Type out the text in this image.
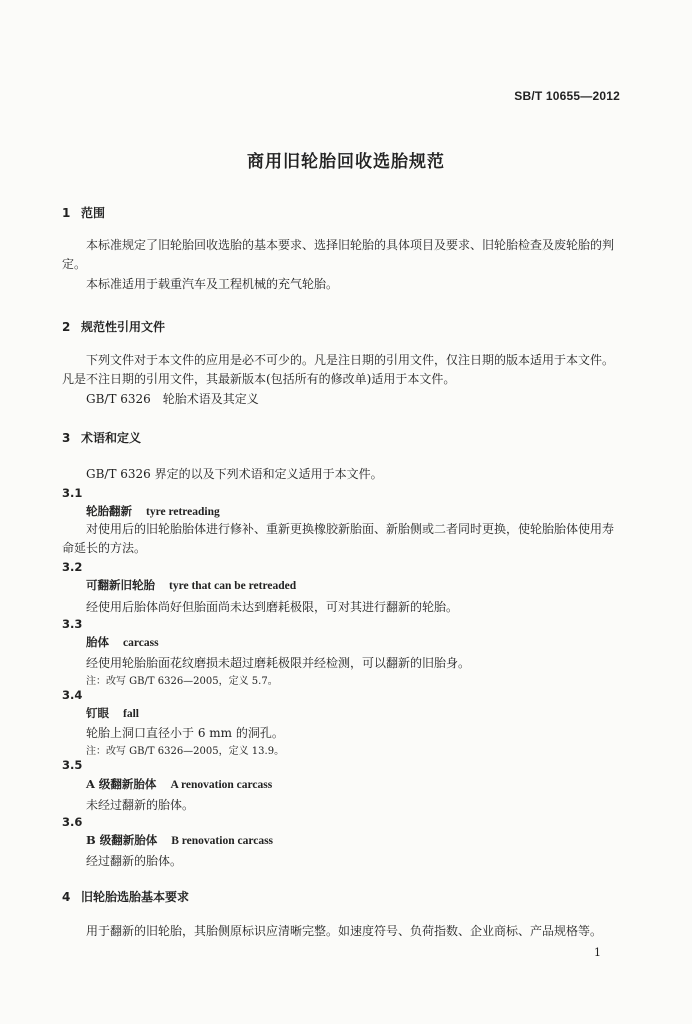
SB/T 10655—2012
商用旧轮胎回收选胎规范
1 范围
本标准规定了旧轮胎回收选胎的基本要求、选择旧轮胎的具体项目及要求、旧轮胎检查及废轮胎的判定。
本标准适用于载重汽车及工程机械的充气轮胎。
2 规范性引用文件
下列文件对于本文件的应用是必不可少的。凡是注日期的引用文件，仅注日期的版本适用于本文件。凡是不注日期的引用文件，其最新版本(包括所有的修改单)适用于本文件。
GB/T 6326　轮胎术语及其定义
3 术语和定义
GB/T 6326 界定的以及下列术语和定义适用于本文件。
3.1
轮胎翻新 tyre retreading
对使用后的旧轮胎胎体进行修补、重新更换橡胶新胎面、新胎侧或二者同时更换，使轮胎胎体使用寿命延长的方法。
3.2
可翻新旧轮胎 tyre that can be retreaded
经使用后胎体尚好但胎面尚未达到磨耗极限，可对其进行翻新的轮胎。
3.3
胎体 carcass
经使用轮胎胎面花纹磨损未超过磨耗极限并经检测，可以翻新的旧胎身。
注：改写 GB/T 6326—2005，定义 5.7。
3.4
钉眼 fall
轮胎上洞口直径小于 6 mm 的洞孔。
注：改写 GB/T 6326—2005，定义 13.9。
3.5
A 级翻新胎体 A renovation carcass
未经过翻新的胎体。
3.6
B 级翻新胎体 B renovation carcass
经过翻新的胎体。
4 旧轮胎选胎基本要求
用于翻新的旧轮胎，其胎侧原标识应清晰完整。如速度符号、负荷指数、企业商标、产品规格等。
1
